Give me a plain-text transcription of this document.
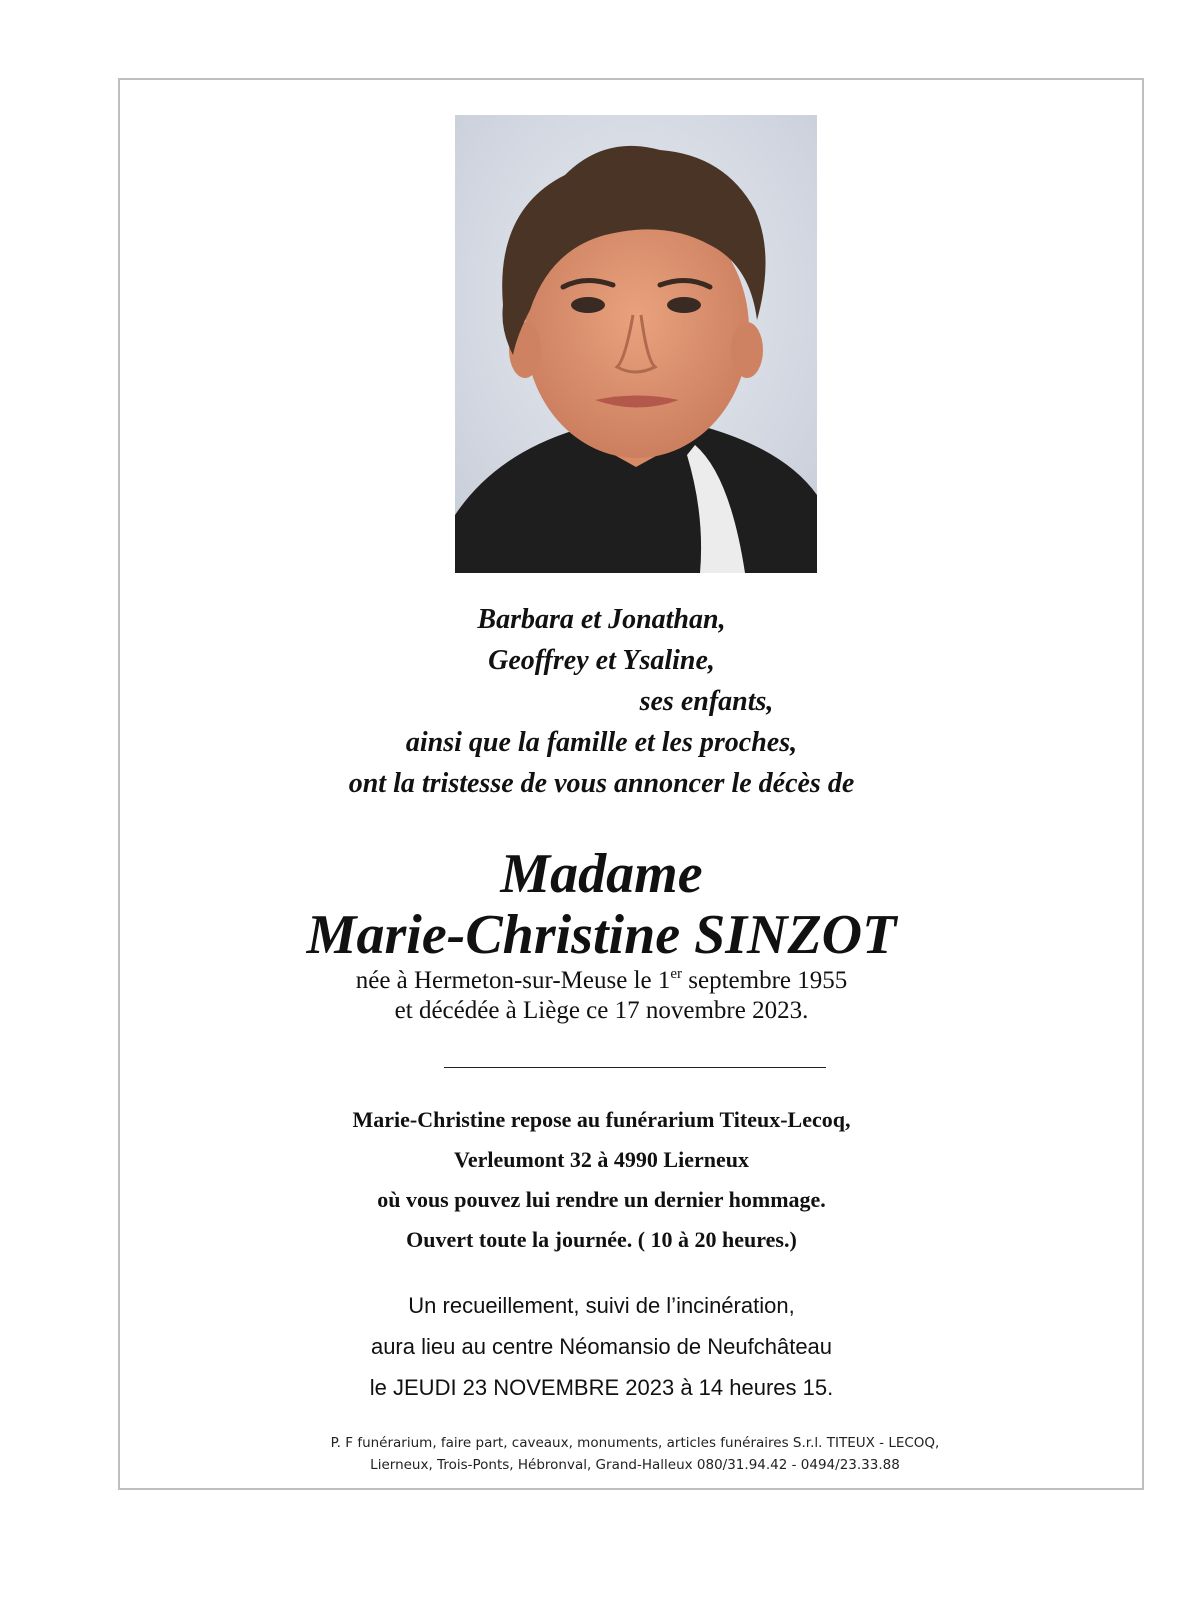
Barbara et Jonathan,
Geoffrey et Ysaline,
ses enfants,
ainsi que la famille et les proches,
ont la tristesse de vous annoncer le décès de
Madame
Marie-Christine SINZOT
née à Hermeton-sur-Meuse le 1er septembre 1955
et décédée à Liège ce 17 novembre 2023.
Marie-Christine repose au funérarium Titeux-Lecoq,
Verleumont 32 à 4990 Lierneux
où vous pouvez lui rendre un dernier hommage.
Ouvert toute la journée. ( 10 à 20 heures.)
Un recueillement, suivi de l’incinération,
aura lieu au centre Néomansio de Neufchâteau
le JEUDI 23 NOVEMBRE 2023 à 14 heures 15.
P. F funérarium, faire part, caveaux, monuments, articles funéraires S.r.l. TITEUX - LECOQ,
Lierneux, Trois-Ponts, Hébronval, Grand-Halleux 080/31.94.42 - 0494/23.33.88
